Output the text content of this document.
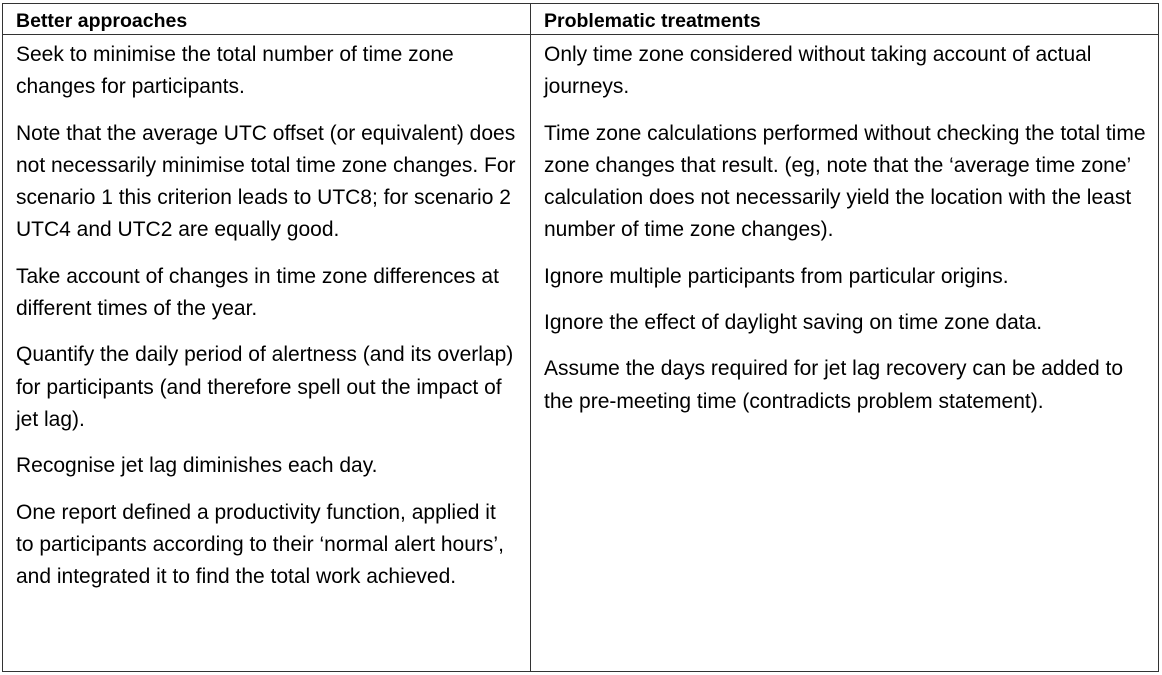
Better approaches

Seek to minimise the total number of time zone changes for participants.

Note that the average UTC offset (or equivalent) does not necessarily minimise total time zone changes. For scenario 1 this criterion leads to UTC8; for scenario 2 UTC4 and UTC2 are equally good.

Take account of changes in time zone differences at different times of the year.

Quantify the daily period of alertness (and its overlap) for participants (and therefore spell out the impact of jet lag).

Recognise jet lag diminishes each day.

One report defined a productivity function, applied it to participants according to their ‘normal alert hours’, and integrated it to find the total work achieved.

Problematic treatments

Only time zone considered without taking account of actual journeys.

Time zone calculations performed without checking the total time zone changes that result. (eg, note that the ‘average time zone’ calculation does not necessarily yield the location with the least number of time zone changes).

Ignore multiple participants from particular origins.

Ignore the effect of daylight saving on time zone data.

Assume the days required for jet lag recovery can be added to the pre-meeting time (contradicts problem statement).
